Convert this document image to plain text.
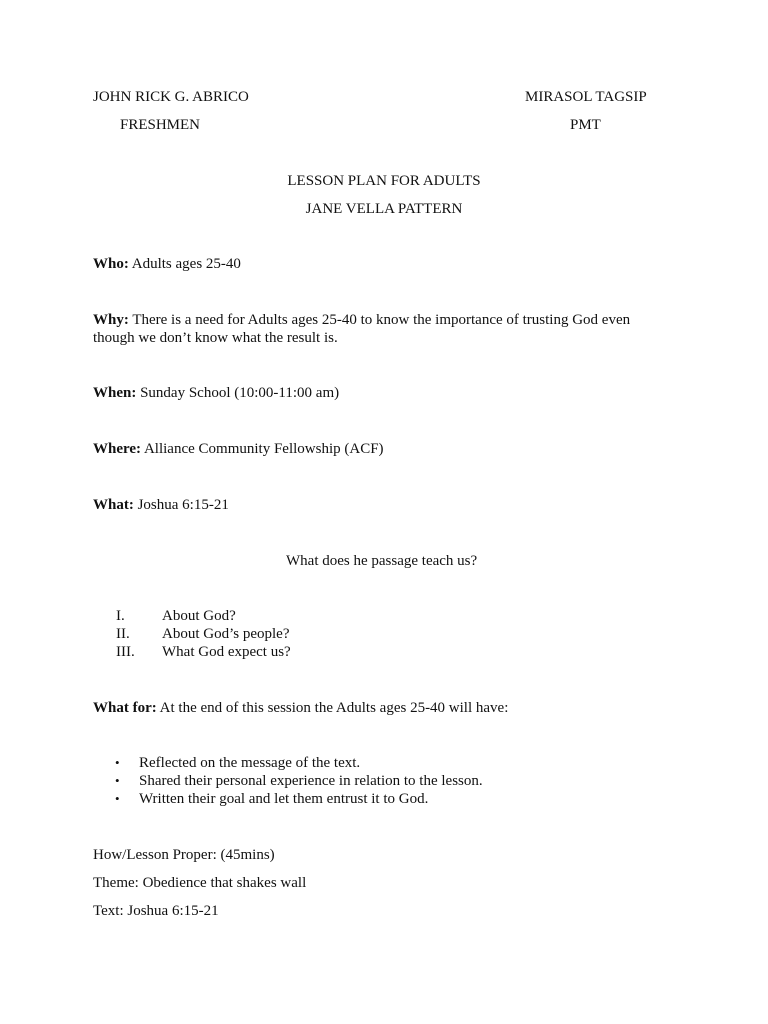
JOHN RICK G. ABRICO
FRESHMEN
MIRASOL TAGSIP
PMT
LESSON PLAN FOR ADULTS
JANE VELLA PATTERN
Who: Adults ages 25-40
Why: There is a need for Adults ages 25-40 to know the importance of trusting God even though we don’t know what the result is.
When: Sunday School (10:00-11:00 am)
Where: Alliance Community Fellowship (ACF)
What: Joshua 6:15-21
What does he passage teach us?
I.	About God?
II.	About God’s people?
III.	What God expect us?
What for: At the end of this session the Adults ages 25-40 will have:
• Reflected on the message of the text.
• Shared their personal experience in relation to the lesson.
• Written their goal and let them entrust it to God.
How/Lesson Proper: (45mins)
Theme: Obedience that shakes wall
Text: Joshua 6:15-21
